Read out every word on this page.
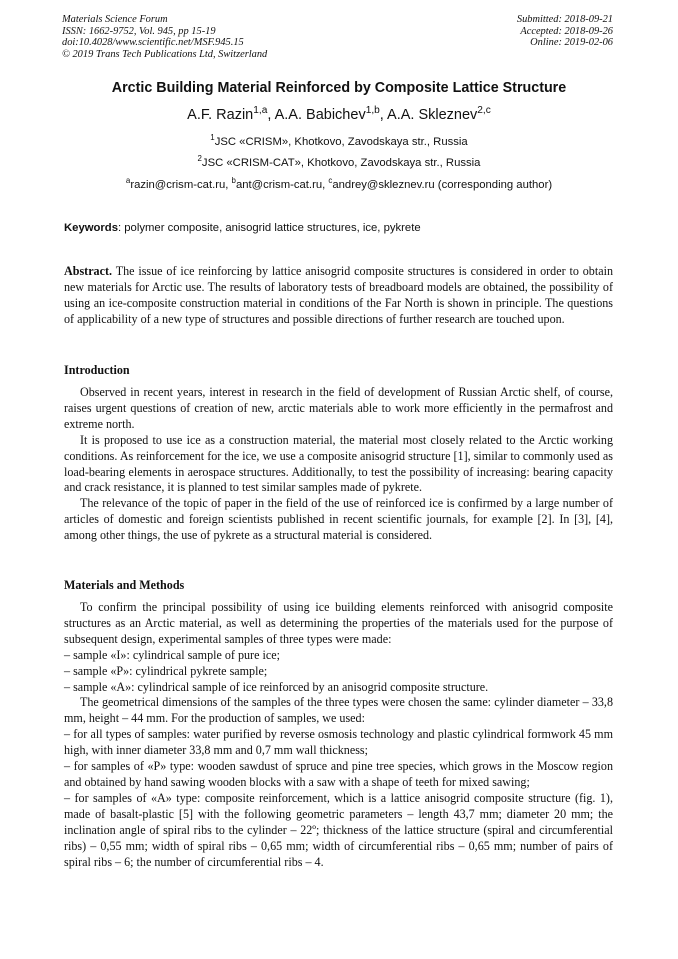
Materials Science Forum
ISSN: 1662-9752, Vol. 945, pp 15-19
doi:10.4028/www.scientific.net/MSF.945.15
© 2019 Trans Tech Publications Ltd, Switzerland
Submitted: 2018-09-21
Accepted: 2018-09-26
Online: 2019-02-06
Arctic Building Material Reinforced by Composite Lattice Structure
A.F. Razin$^{1,a}$, A.A. Babichev$^{1,b}$, A.A. Skleznev$^{2,c}$
$^1$JSC «CRISM», Khotkovo, Zavodskaya str., Russia
$^2$JSC «CRISM-CAT», Khotkovo, Zavodskaya str., Russia
$^a$razin@crism-cat.ru, $^b$ant@crism-cat.ru, $^c$andrey@skleznev.ru (corresponding author)
Keywords: polymer composite, anisogrid lattice structures, ice, pykrete
Abstract. The issue of ice reinforcing by lattice anisogrid composite structures is considered in order to obtain new materials for Arctic use. The results of laboratory tests of breadboard models are obtained, the possibility of using an ice-composite construction material in conditions of the Far North is shown in principle. The questions of applicability of a new type of structures and possible directions of further research are touched upon.
Introduction

Observed in recent years, interest in research in the field of development of Russian Arctic shelf, of course, raises urgent questions of creation of new, arctic materials able to work more efficiently in the permafrost and extreme north.

It is proposed to use ice as a construction material, the material most closely related to the Arctic working conditions. As reinforcement for the ice, we use a composite anisogrid structure [1], similar to commonly used as load-bearing elements in aerospace structures. Additionally, to test the possibility of increasing: bearing capacity and crack resistance, it is planned to test similar samples made of pykrete.

The relevance of the topic of paper in the field of the use of reinforced ice is confirmed by a large number of articles of domestic and foreign scientists published in recent scientific journals, for example [2]. In [3], [4], among other things, the use of pykrete as a structural material is considered.

Materials and Methods

To confirm the principal possibility of using ice building elements reinforced with anisogrid composite structures as an Arctic material, as well as determining the properties of the materials used for the purpose of subsequent design, experimental samples of three types were made:

– sample «I»: cylindrical sample of pure ice;

– sample «P»: cylindrical pykrete sample;

– sample «A»: cylindrical sample of ice reinforced by an anisogrid composite structure.

The geometrical dimensions of the samples of the three types were chosen the same: cylinder diameter – 33,8 mm, height – 44 mm. For the production of samples, we used:

– for all types of samples: water purified by reverse osmosis technology and plastic cylindrical formwork 45 mm high, with inner diameter 33,8 mm and 0,7 mm wall thickness;

– for samples of «P» type: wooden sawdust of spruce and pine tree species, which grows in the Moscow region and obtained by hand sawing wooden blocks with a saw with a shape of teeth for mixed sawing;

– for samples of «A» type: composite reinforcement, which is a lattice anisogrid composite structure (fig. 1), made of basalt-plastic [5] with the following geometric parameters – length 43,7 mm; diameter 20 mm; the inclination angle of spiral ribs to the cylinder – 22º; thickness of the lattice structure (spiral and circumferential ribs) – 0,55 mm; width of spiral ribs – 0,65 mm; width of circumferential ribs – 0,65 mm; number of pairs of spiral ribs – 6; the number of circumferential ribs – 4.
